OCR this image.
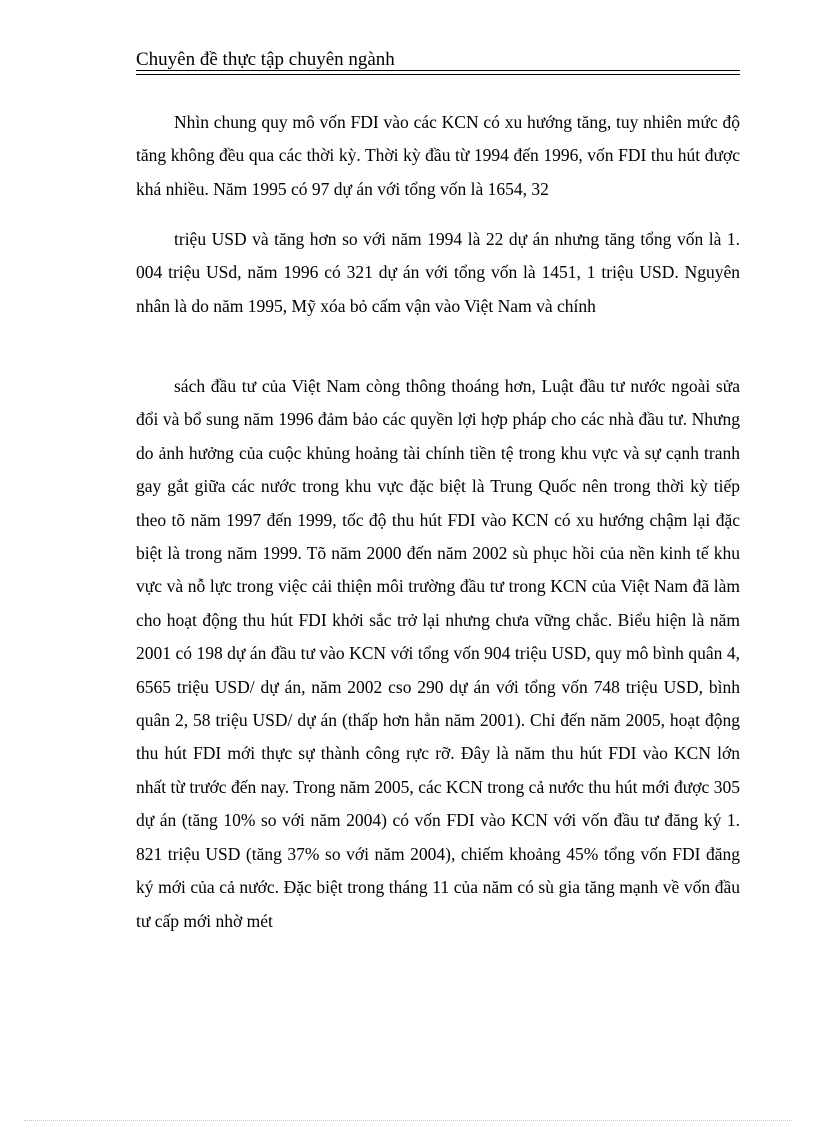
Chuyên đề thực tập chuyên ngành

Nhìn chung quy mô vốn FDI vào các KCN có xu hướng tăng, tuy nhiên mức độ tăng không đều qua các thời kỳ. Thời kỳ đầu từ 1994 đến 1996, vốn FDI thu hút được khá nhiều. Năm 1995 có 97 dự án với tổng vốn là 1654, 32

triệu USD và tăng hơn so với năm 1994 là 22 dự án nhưng tăng tổng vốn là 1. 004 triệu USd, năm 1996 có 321 dự án với tổng vốn là 1451, 1 triệu USD. Nguyên nhân là do năm 1995, Mỹ xóa bỏ cấm vận vào Việt Nam và chính

sách đầu tư của Việt Nam còng thông thoáng hơn, Luật đầu tư nước ngoài sửa đổi và bổ sung năm 1996 đảm bảo các quyền lợi hợp pháp cho các nhà đầu tư. Nhưng do ảnh hưởng của cuộc khủng hoảng tài chính tiền tệ trong khu vực và sự cạnh tranh gay gắt giữa các nước trong khu vực đặc biệt là Trung Quốc nên trong thời kỳ tiếp theo tõ năm 1997 đến 1999, tốc độ thu hút FDI vào KCN có xu hướng chậm lại đặc biệt là trong năm 1999. Tõ năm 2000 đến năm 2002 sù phục hồi của nền kinh tế khu vực và nỗ lực trong việc cải thiện môi trường đầu tư trong KCN của Việt Nam đã làm cho hoạt động thu hút FDI khởi sắc trở lại nhưng chưa vững chắc. Biểu hiện là năm 2001 có 198 dự án đầu tư vào KCN với tổng vốn 904 triệu USD, quy mô bình quân 4, 6565 triệu USD/ dự án, năm 2002 cso 290 dự án với tổng vốn 748 triệu USD, bình quân 2, 58 triệu USD/ dự án (thấp hơn hẳn năm 2001). Chỉ đến năm 2005, hoạt động thu hút FDI mới thực sự thành công rực rỡ. Đây là năm thu hút FDI vào KCN lớn nhất từ trước đến nay. Trong năm 2005, các KCN trong cả nước thu hút mới được 305 dự án (tăng 10% so với năm 2004) có vốn FDI vào KCN với vốn đầu tư đăng ký 1. 821 triệu USD (tăng 37% so với năm 2004), chiếm khoảng 45% tổng vốn FDI đăng ký mới của cả nước. Đặc biệt trong tháng 11 của năm có sù gia tăng mạnh về vốn đầu tư cấp mới nhờ mét
